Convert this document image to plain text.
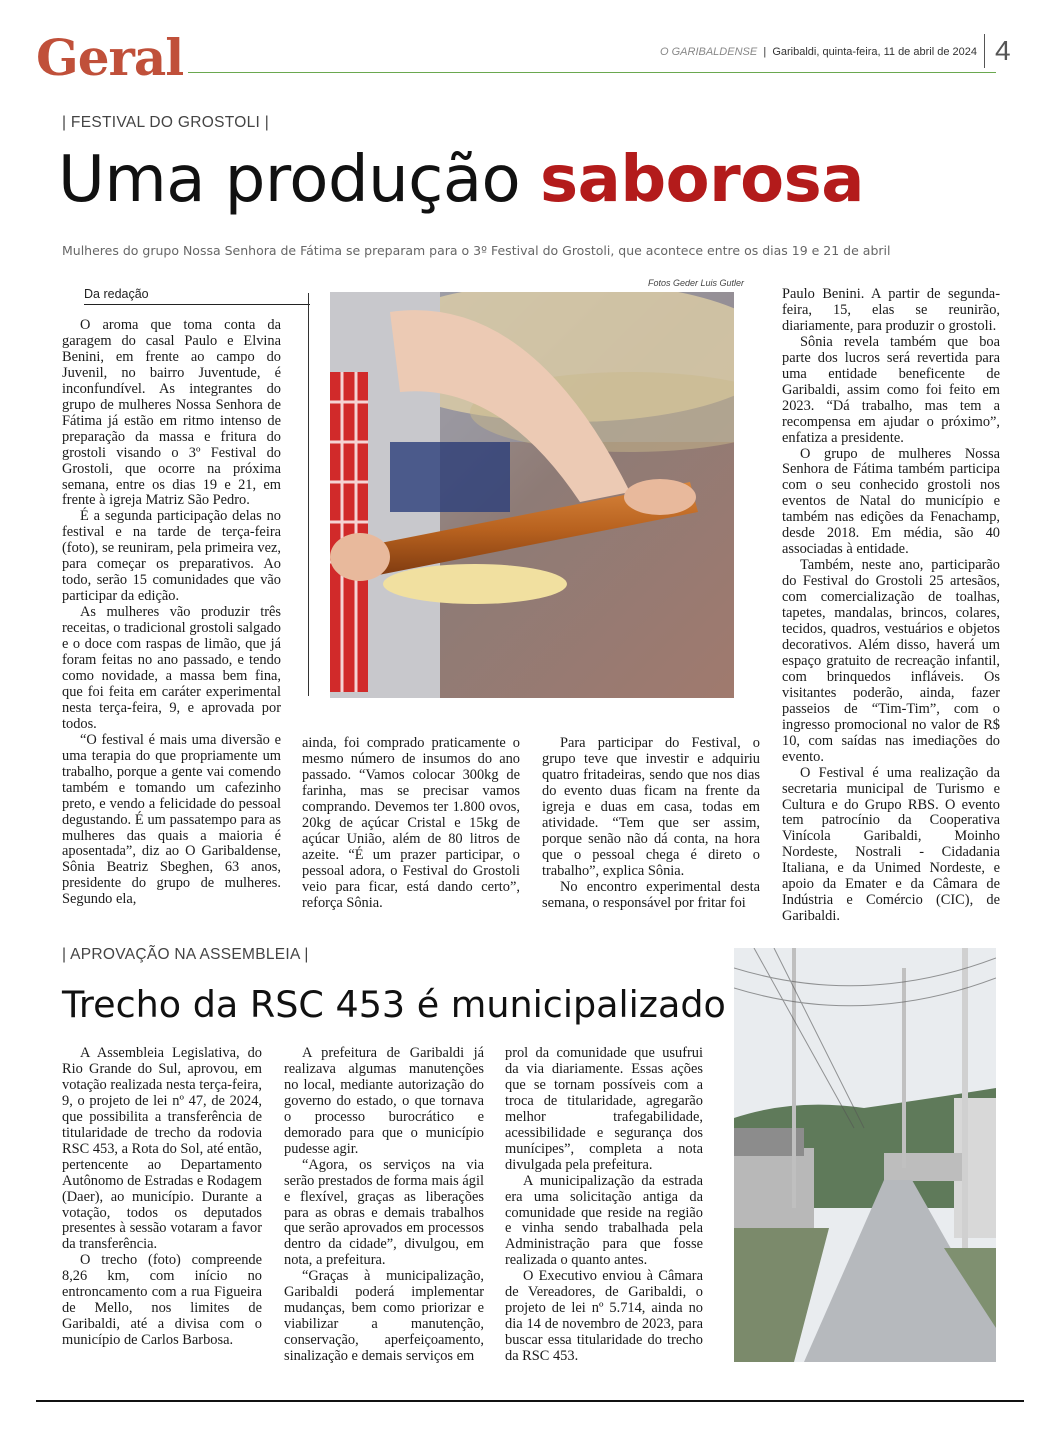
Geral	O GARIBALDENSE | Garibaldi, quinta-feira, 11 de abril de 2024 4
| FESTIVAL DO GROSTOLI |
Uma produção saborosa
Mulheres do grupo Nossa Senhora de Fátima se preparam para o 3º Festival do Grostoli, que acontece entre os dias 19 e 21 de abril
Da redação
Fotos Geder Luis Gutler

O aroma que toma conta da garagem do casal Paulo e Elvina Benini, em frente ao campo do Juvenil, no bairro Juventude, é inconfundível. As integrantes do grupo de mulheres Nossa Senhora de Fátima já estão em ritmo intenso de preparação da massa e fritura do grostoli visando o 3º Festival do Grostoli, que ocorre na próxima semana, entre os dias 19 e 21, em frente à igreja Matriz São Pedro.

É a segunda participação delas no festival e na tarde de terça-feira (foto), se reuniram, pela primeira vez, para começar os preparativos. Ao todo, serão 15 comunidades que vão participar da edição.

As mulheres vão produzir três receitas, o tradicional grostoli salgado e o doce com raspas de limão, que já foram feitas no ano passado, e tendo como novidade, a massa bem fina, que foi feita em caráter experimental nesta terça-feira, 9, e aprovada por todos.

“O festival é mais uma diversão e uma terapia do que propriamente um trabalho, porque a gente vai comendo também e tomando um cafezinho preto, e vendo a felicidade do pessoal degustando. É um passatempo para as mulheres das quais a maioria é aposentada”, diz ao O Garibaldense, Sônia Beatriz Sbeghen, 63 anos, presidente do grupo de mulheres. Segundo ela,

ainda, foi comprado praticamente o mesmo número de insumos do ano passado. “Vamos colocar 300kg de farinha, mas se precisar vamos comprando. Devemos ter 1.800 ovos, 20kg de açúcar Cristal e 15kg de açúcar União, além de 80 litros de azeite. “É um prazer participar, o pessoal adora, o Festival do Grostoli veio para ficar, está dando certo”, reforça Sônia.

Para participar do Festival, o grupo teve que investir e adquiriu quatro fritadeiras, sendo que nos dias do evento duas ficam na frente da igreja e duas em casa, todas em atividade. “Tem que ser assim, porque senão não dá conta, na hora que o pessoal chega é direto o trabalho”, explica Sônia.

No encontro experimental desta semana, o responsável por fritar foi

Paulo Benini. A partir de segunda-feira, 15, elas se reunirão, diariamente, para produzir o grostoli.

Sônia revela também que boa parte dos lucros será revertida para uma entidade beneficente de Garibaldi, assim como foi feito em 2023. “Dá trabalho, mas tem a recompensa em ajudar o próximo”, enfatiza a presidente.

O grupo de mulheres Nossa Senhora de Fátima também participa com o seu conhecido grostoli nos eventos de Natal do município e também nas edições da Fenachamp, desde 2018. Em média, são 40 associadas à entidade.

Também, neste ano, participarão do Festival do Grostoli 25 artesãos, com comercialização de toalhas, tapetes, mandalas, brincos, colares, tecidos, quadros, vestuários e objetos decorativos. Além disso, haverá um espaço gratuito de recreação infantil, com brinquedos infláveis. Os visitantes poderão, ainda, fazer passeios de “Tim-Tim”, com o ingresso promocional no valor de R$ 10, com saídas nas imediações do evento.

O Festival é uma realização da secretaria municipal de Turismo e Cultura e do Grupo RBS. O evento tem patrocínio da Cooperativa Vinícola Garibaldi, Moinho Nordeste, Nostrali - Cidadania Italiana, e da Unimed Nordeste, e apoio da Emater e da Câmara de Indústria e Comércio (CIC), de Garibaldi.

| APROVAÇÃO NA ASSEMBLEIA |
Trecho da RSC 453 é municipalizado

A Assembleia Legislativa, do Rio Grande do Sul, aprovou, em votação realizada nesta terça-feira, 9, o projeto de lei nº 47, de 2024, que possibilita a transferência de titularidade de trecho da rodovia RSC 453, a Rota do Sol, até então, pertencente ao Departamento Autônomo de Estradas e Rodagem (Daer), ao município. Durante a votação, todos os deputados presentes à sessão votaram a favor da transferência.

O trecho (foto) compreende 8,26 km, com início no entroncamento com a rua Figueira de Mello, nos limites de Garibaldi, até a divisa com o município de Carlos Barbosa.

A prefeitura de Garibaldi já realizava algumas manutenções no local, mediante autorização do governo do estado, o que tornava o processo burocrático e demorado para que o município pudesse agir.

“Agora, os serviços na via serão prestados de forma mais ágil e flexível, graças as liberações para as obras e demais trabalhos que serão aprovados em processos dentro da cidade”, divulgou, em nota, a prefeitura.

“Graças à municipalização, Garibaldi poderá implementar mudanças, bem como priorizar e viabilizar a manutenção, conservação, aperfeiçoamento, sinalização e demais serviços em

prol da comunidade que usufrui da via diariamente. Essas ações que se tornam possíveis com a troca de titularidade, agregarão melhor trafegabilidade, acessibilidade e segurança dos munícipes”, completa a nota divulgada pela prefeitura.

A municipalização da estrada era uma solicitação antiga da comunidade que reside na região e vinha sendo trabalhada pela Administração para que fosse realizada o quanto antes.

O Executivo enviou à Câmara de Vereadores, de Garibaldi, o projeto de lei nº 5.714, ainda no dia 14 de novembro de 2023, para buscar essa titularidade do trecho da RSC 453.
